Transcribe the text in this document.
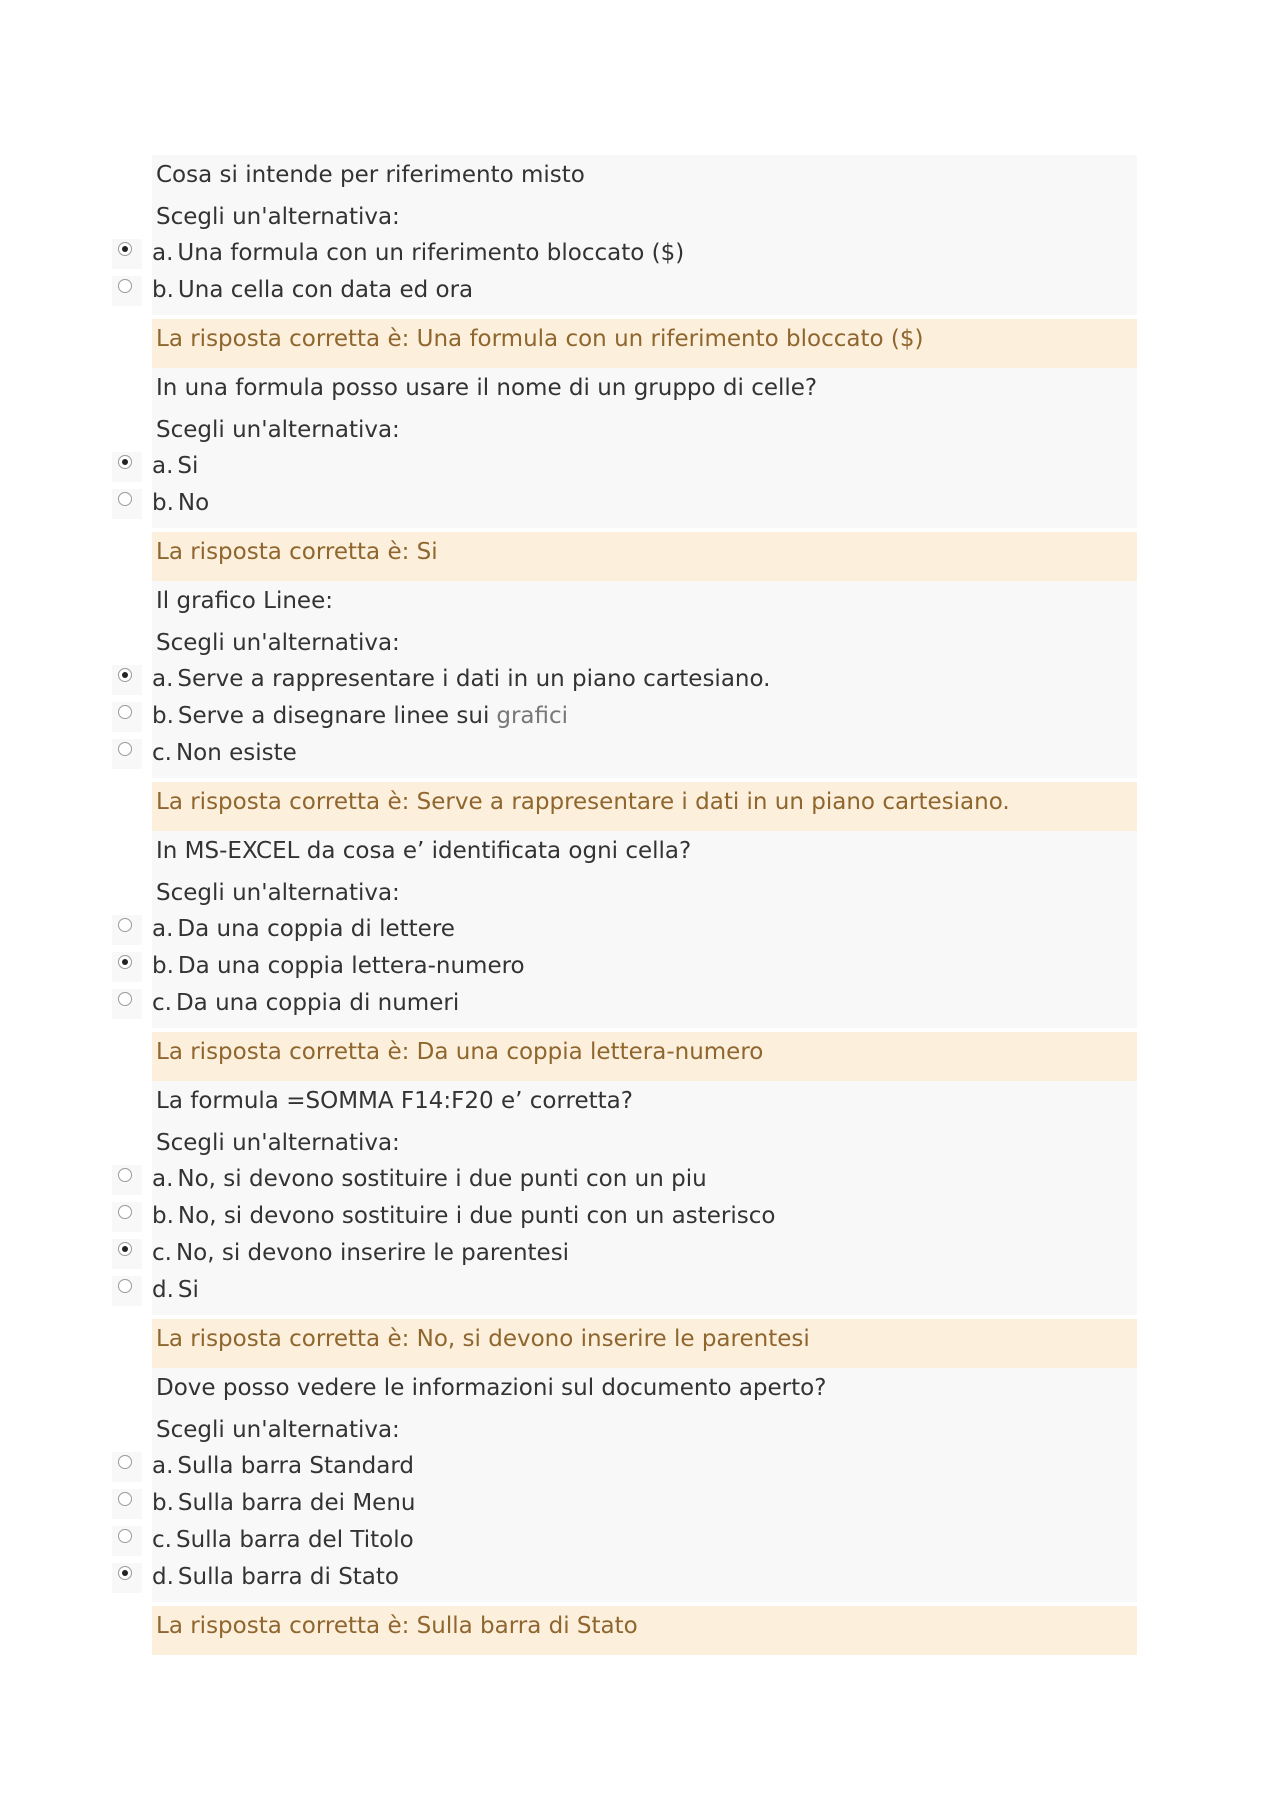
Cosa si intende per riferimento misto
Scegli un'alternativa:
a. Una formula con un riferimento bloccato ($)
b. Una cella con data ed ora
La risposta corretta è: Una formula con un riferimento bloccato ($)
In una formula posso usare il nome di un gruppo di celle?
Scegli un'alternativa:
a. Si
b. No
La risposta corretta è: Si
Il grafico Linee:
Scegli un'alternativa:
a. Serve a rappresentare i dati in un piano cartesiano.
b. Serve a disegnare linee sui grafici
c. Non esiste
La risposta corretta è: Serve a rappresentare i dati in un piano cartesiano.
In MS-EXCEL da cosa e’ identificata ogni cella?
Scegli un'alternativa:
a. Da una coppia di lettere
b. Da una coppia lettera-numero
c. Da una coppia di numeri
La risposta corretta è: Da una coppia lettera-numero
La formula =SOMMA F14:F20 e’ corretta?
Scegli un'alternativa:
a. No, si devono sostituire i due punti con un piu
b. No, si devono sostituire i due punti con un asterisco
c. No, si devono inserire le parentesi
d. Si
La risposta corretta è: No, si devono inserire le parentesi
Dove posso vedere le informazioni sul documento aperto?
Scegli un'alternativa:
a. Sulla barra Standard
b. Sulla barra dei Menu
c. Sulla barra del Titolo
d. Sulla barra di Stato
La risposta corretta è: Sulla barra di Stato
